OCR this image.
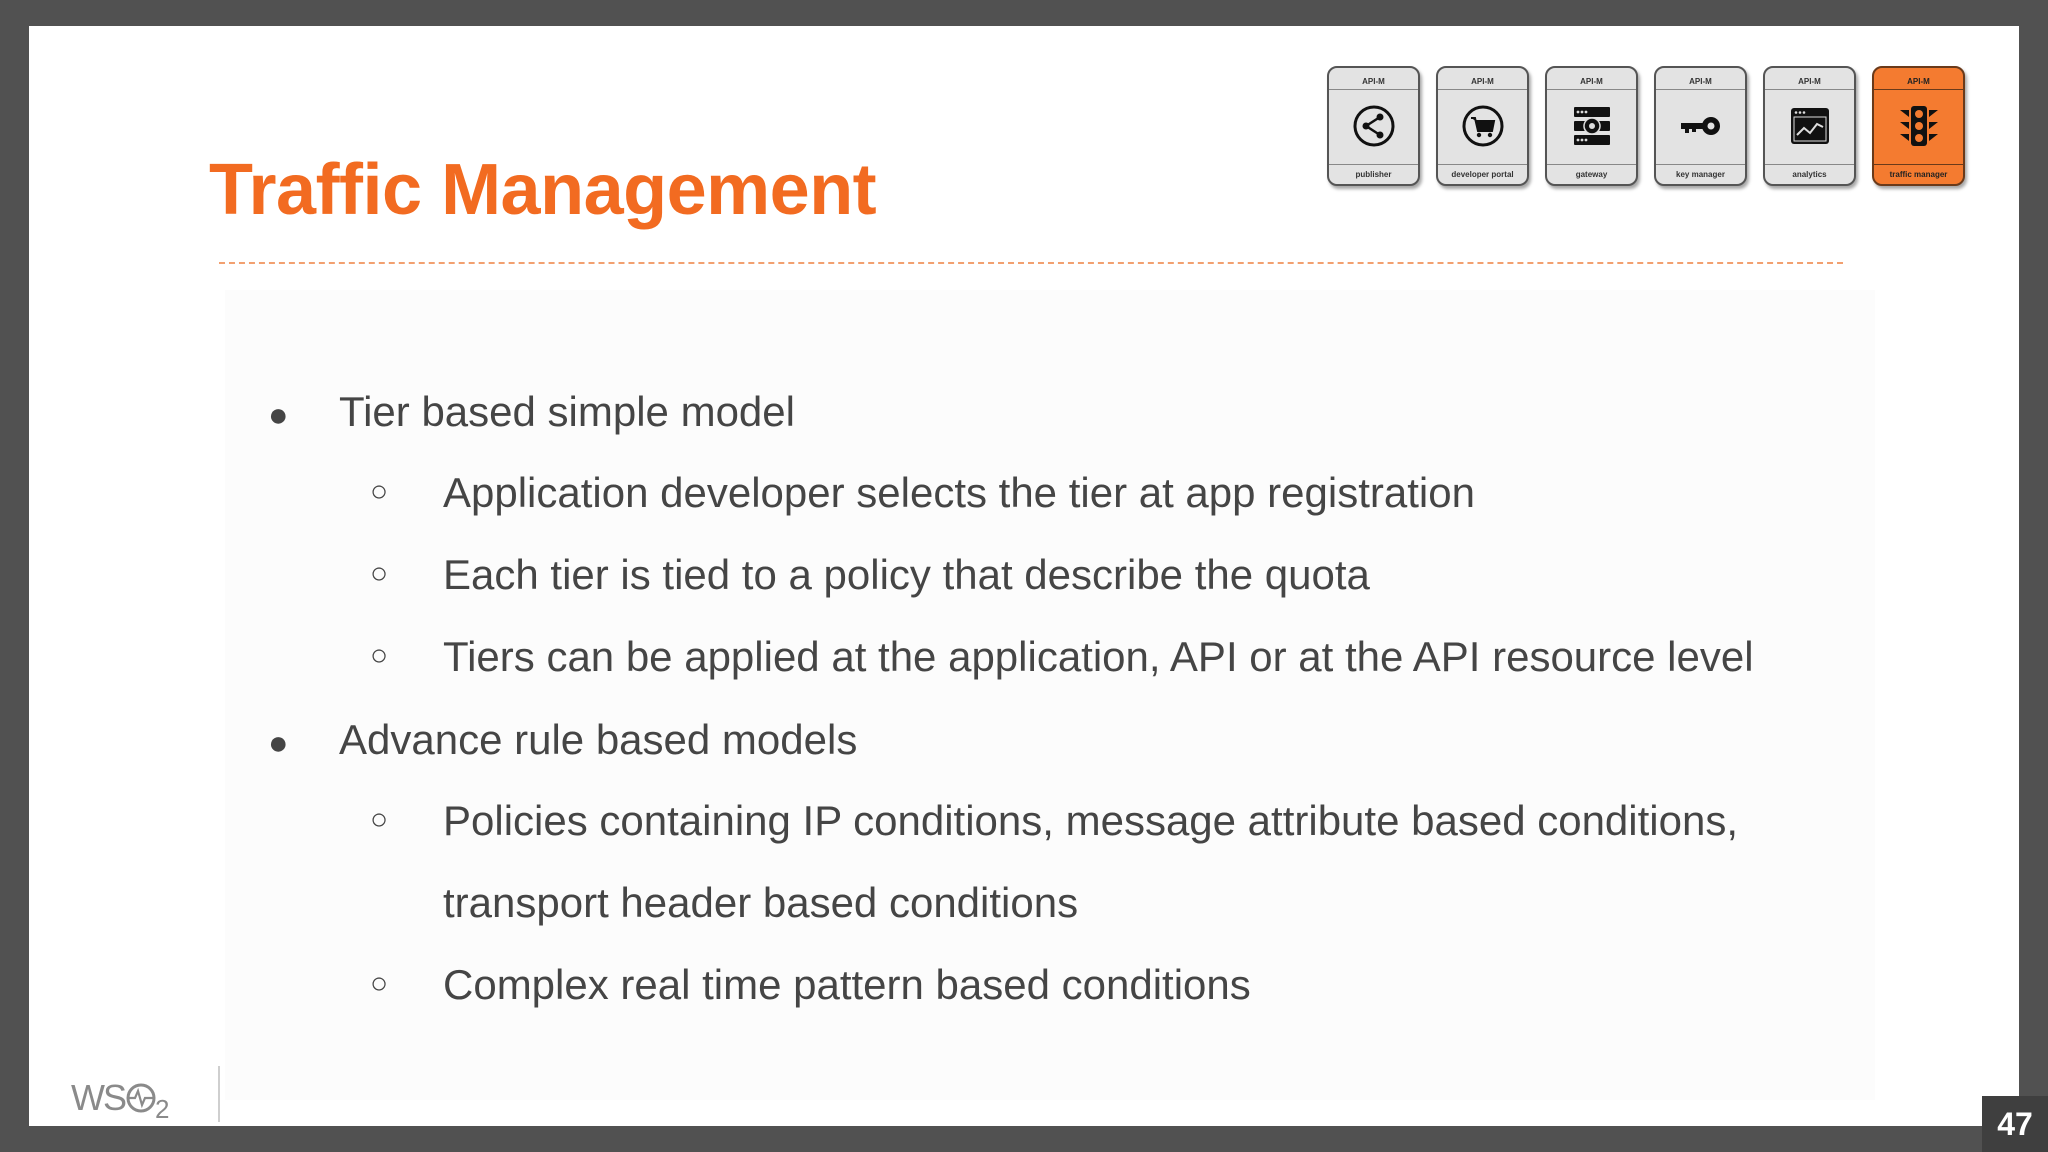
API-M
publisher
API-M
developer portal
API-M
gateway
API-M
key manager
API-M
analytics
API-M
traffic manager
Traffic Management
● Tier based simple model
○ Application developer selects the tier at app registration
○ Each tier is tied to a policy that describe the quota
○ Tiers can be applied at the application, API or at the API resource level
● Advance rule based models
○ Policies containing IP conditions, message attribute based conditions,
transport header based conditions
○ Complex real time pattern based conditions
WS 2	47
